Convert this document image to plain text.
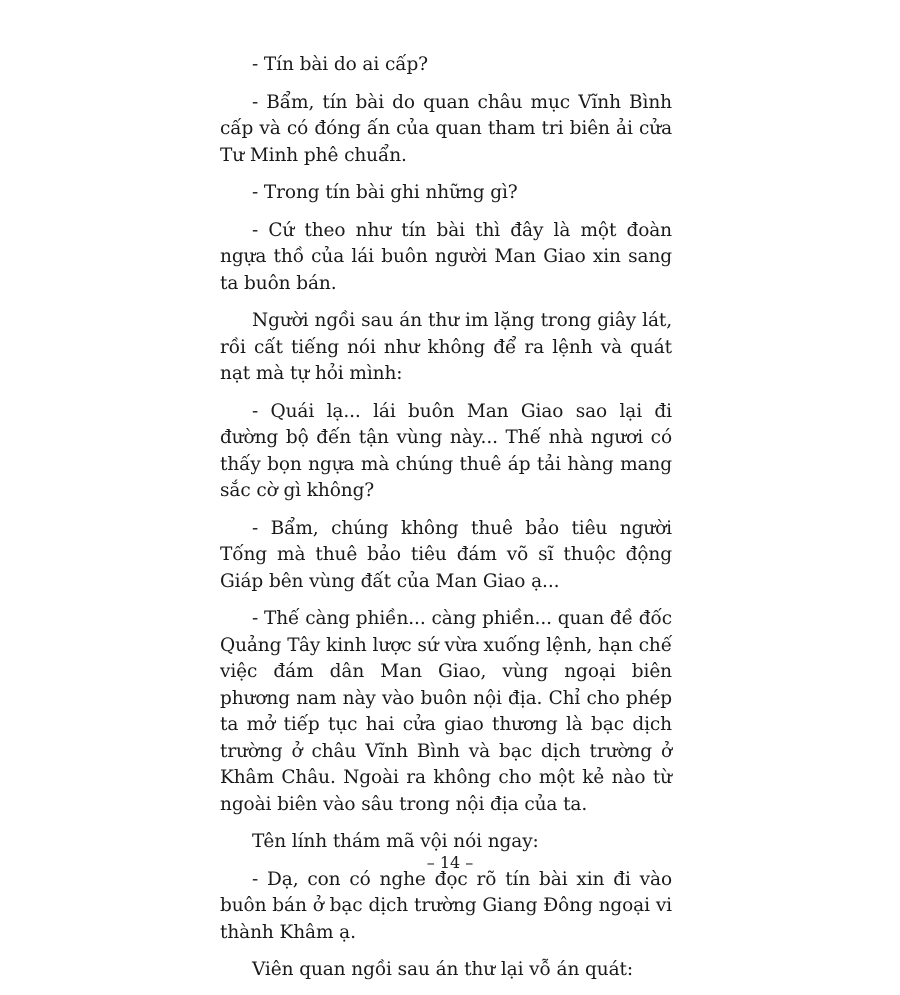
- Tín bài do ai cấp?

- Bẩm, tín bài do quan châu mục Vĩnh Bình cấp và có đóng ấn của quan tham tri biên ải cửa Tư Minh phê chuẩn.

- Trong tín bài ghi những gì?

- Cứ theo như tín bài thì đây là một đoàn ngựa thồ của lái buôn người Man Giao xin sang ta buôn bán.

Người ngồi sau án thư im lặng trong giây lát, rồi cất tiếng nói như không để ra lệnh và quát nạt mà tự hỏi mình:

- Quái lạ... lái buôn Man Giao sao lại đi đường bộ đến tận vùng này... Thế nhà ngươi có thấy bọn ngựa mà chúng thuê áp tải hàng mang sắc cờ gì không?

- Bẩm, chúng không thuê bảo tiêu người Tống mà thuê bảo tiêu đám võ sĩ thuộc động Giáp bên vùng đất của Man Giao ạ...

- Thế càng phiền... càng phiền... quan đề đốc Quảng Tây kinh lược sứ vừa xuống lệnh, hạn chế việc đám dân Man Giao, vùng ngoại biên phương nam này vào buôn nội địa. Chỉ cho phép ta mở tiếp tục hai cửa giao thương là bạc dịch trường ở châu Vĩnh Bình và bạc dịch trường ở Khâm Châu. Ngoài ra không cho một kẻ nào từ ngoài biên vào sâu trong nội địa của ta.

Tên lính thám mã vội nói ngay:

- Dạ, con có nghe đọc rõ tín bài xin đi vào buôn bán ở bạc dịch trường Giang Đông ngoại vi thành Khâm ạ.

Viên quan ngồi sau án thư lại vỗ án quát:

– 14 –
